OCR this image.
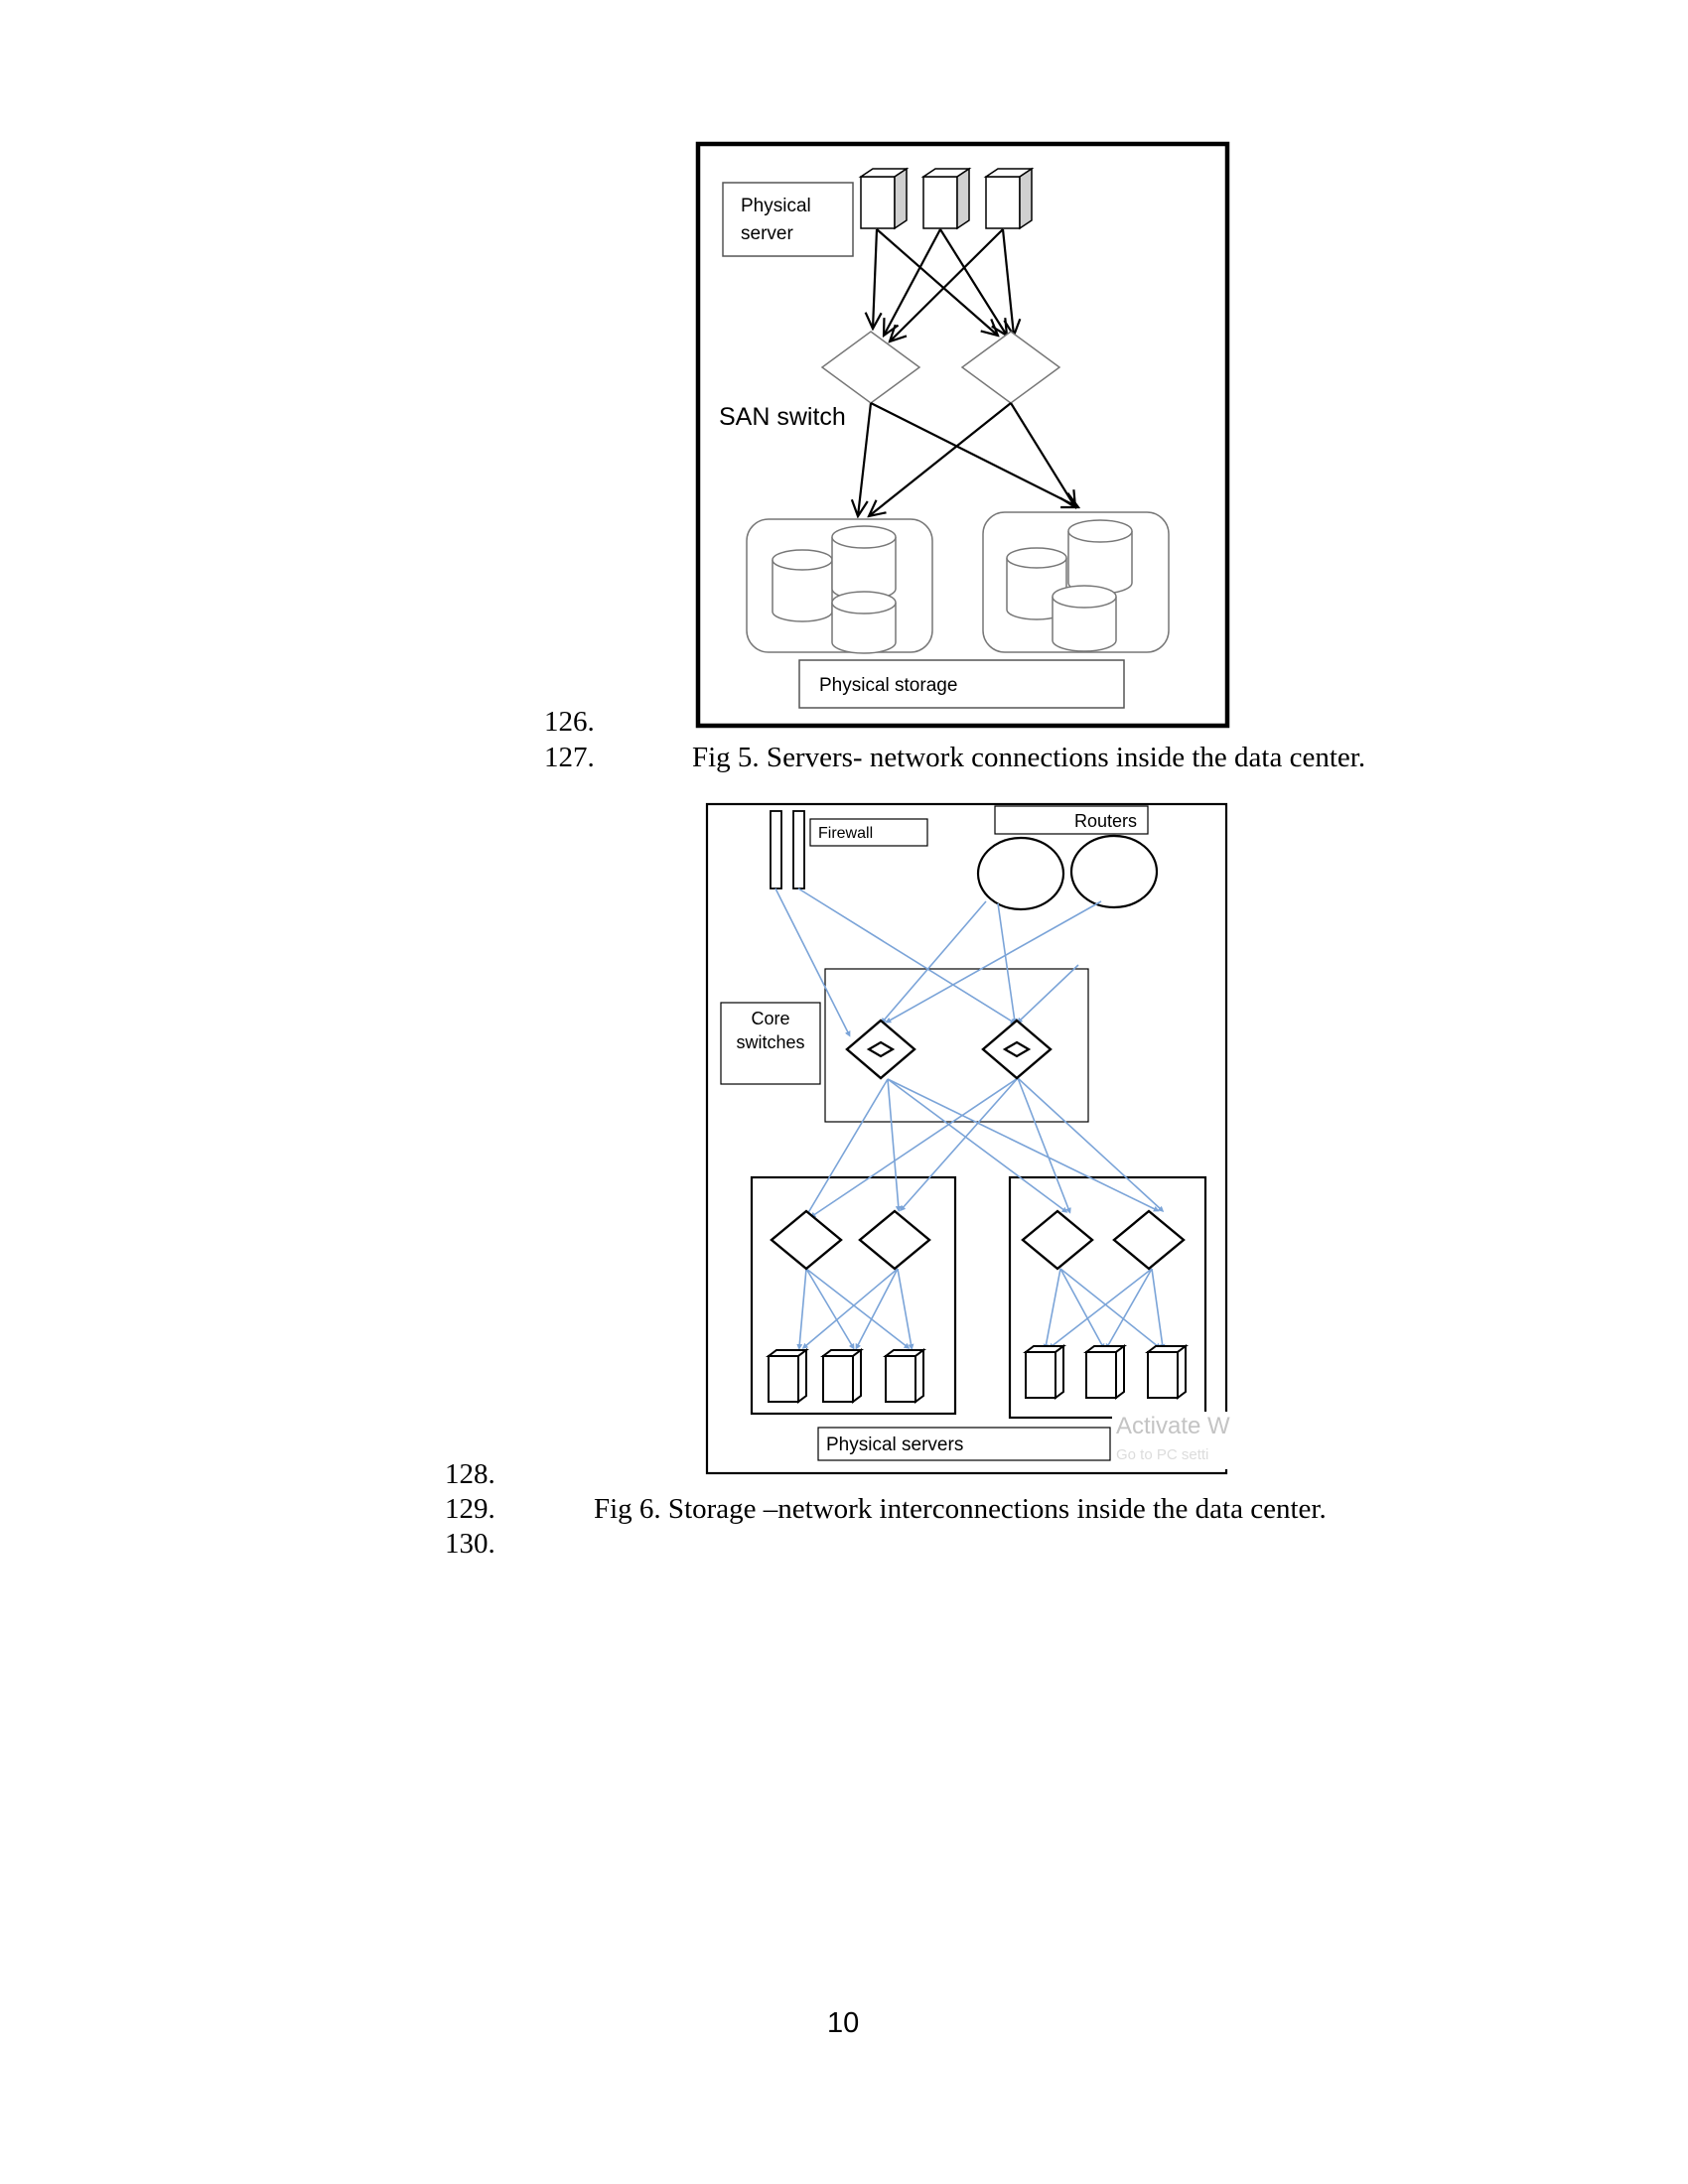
Physical
server
SAN switch
Physical storage
126.
127.	Fig 5. Servers- network connections inside the data center.
Firewall
Routers
Core
switches
Physical servers
Activate W
Go to PC setti
128.
129.	Fig 6. Storage –network interconnections inside the data center.
130.
10
